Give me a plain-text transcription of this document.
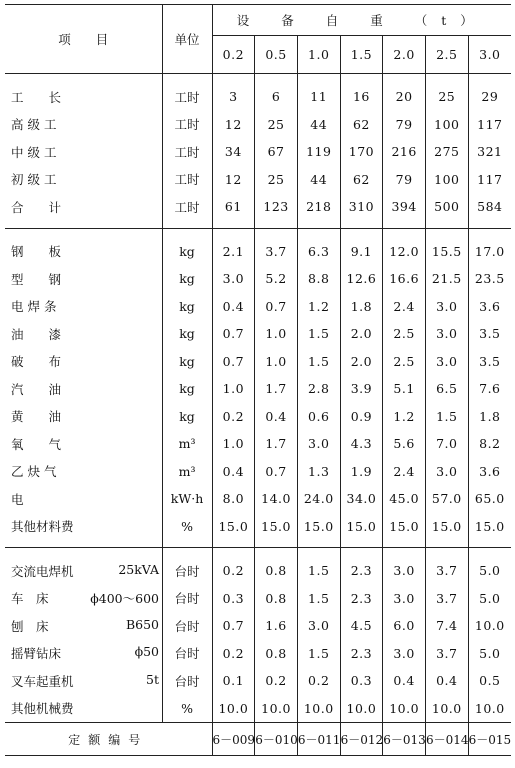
项　　目	单位	设 备 自 重 （t）						
		0.2	0.5	1.0	1.5	2.0	2.5	3.0

工　　长	工时	3	6	11	16	20	25	29

高 级 工	工时	12	25	44	62	79	100	117

中 级 工	工时	34	67	119	170	216	275	321

初 级 工	工时	12	25	44	62	79	100	117

合　　计	工时	61	123	218	310	394	500	584

钢　　板	kg	2.1	3.7	6.3	9.1	12.0	15.5	17.0

型　　钢	kg	3.0	5.2	8.8	12.6	16.6	21.5	23.5

电 焊 条	kg	0.4	0.7	1.2	1.8	2.4	3.0	3.6

油　　漆	kg	0.7	1.0	1.5	2.0	2.5	3.0	3.5

破　　布	kg	0.7	1.0	1.5	2.0	2.5	3.0	3.5

汽　　油	kg	1.0	1.7	2.8	3.9	5.1	6.5	7.6

黄　　油	kg	0.2	0.4	0.6	0.9	1.2	1.5	1.8

氧　　气	m³	1.0	1.7	3.0	4.3	5.6	7.0	8.2

乙 炔 气	m³	0.4	0.7	1.3	1.9	2.4	3.0	3.6

电	kW·h	8.0	14.0	24.0	34.0	45.0	57.0	65.0

其他材料费	%	15.0	15.0	15.0	15.0	15.0	15.0	15.0

交流电焊机 25kVA	台时	0.2	0.8	1.5	2.3	3.0	3.7	5.0

车　床 ϕ400～600	台时	0.3	0.8	1.5	2.3	3.0	3.7	5.0

刨　床 B650	台时	0.7	1.6	3.0	4.5	6.0	7.4	10.0

摇臂钻床 ϕ50	台时	0.2	0.8	1.5	2.3	3.0	3.7	5.0

叉车起重机 5t	台时	0.1	0.2	0.2	0.3	0.4	0.4	0.5

其他机械费	%	10.0	10.0	10.0	10.0	10.0	10.0	10.0
定额编号		6－009	6－010	6－011	6－012	6－013	6－014	6－015
